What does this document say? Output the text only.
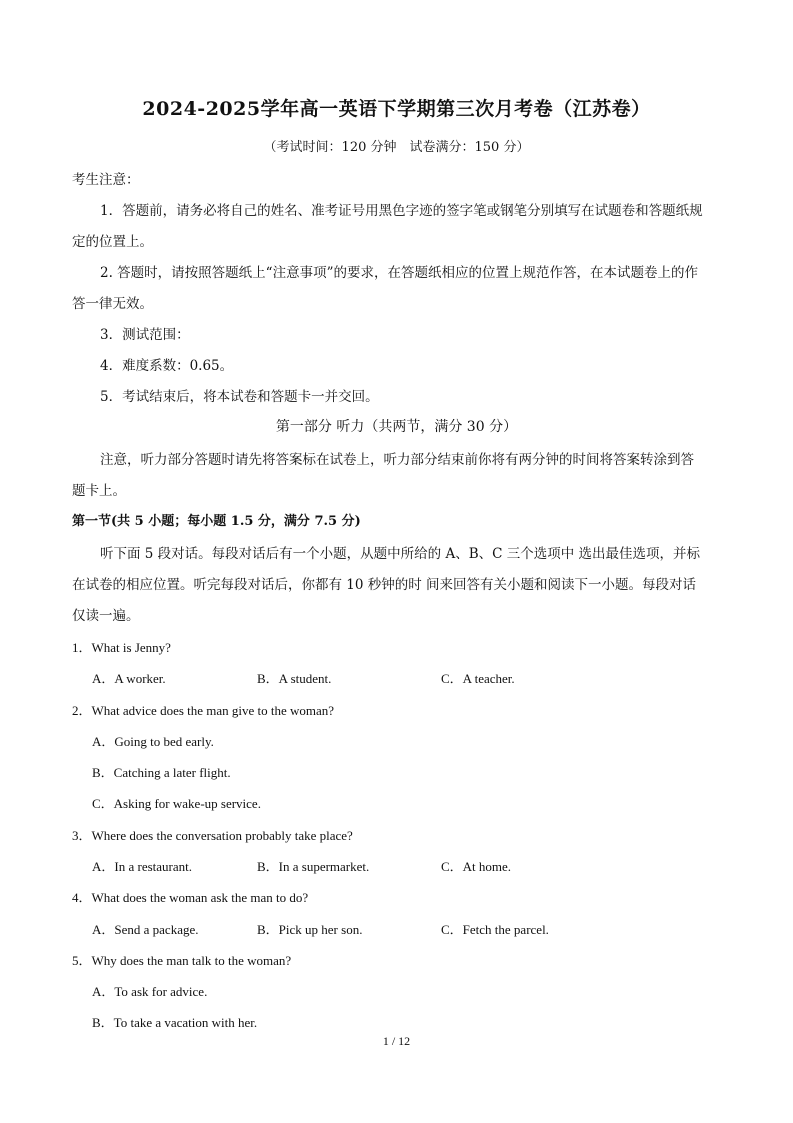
2024-2025学年高一英语下学期第三次月考卷（江苏卷）
（考试时间：120 分钟　试卷满分：150 分）
考生注意：
1．答题前，请务必将自己的姓名、准考证号用黑色字迹的签字笔或钢笔分别填写在试题卷和答题纸规
定的位置上。
2. 答题时，请按照答题纸上“注意事项”的要求，在答题纸相应的位置上规范作答，在本试题卷上的作
答一律无效。
3．测试范围：
4．难度系数：0.65。
5．考试结束后，将本试卷和答题卡一并交回。
第一部分 听力（共两节，满分 30 分）
注意，听力部分答题时请先将答案标在试卷上，听力部分结束前你将有两分钟的时间将答案转涂到答
题卡上。
第一节(共 5 小题；每小题 1.5 分，满分 7.5 分)
听下面 5 段对话。每段对话后有一个小题，从题中所给的 A、B、C 三个选项中 选出最佳选项，并标
在试卷的相应位置。听完每段对话后，你都有 10 秒钟的时 间来回答有关小题和阅读下一小题。每段对话
仅读一遍。
1．What is Jenny?
A．A worker.	B．A student.	C．A teacher.
2．What advice does the man give to the woman?
A．Going to bed early.
B．Catching a later flight.
C．Asking for wake-up service.
3．Where does the conversation probably take place?
A．In a restaurant.	B．In a supermarket.	C．At home.
4．What does the woman ask the man to do?
A．Send a package.	B．Pick up her son.	C．Fetch the parcel.
5．Why does the man talk to the woman?
A．To ask for advice.
B．To take a vacation with her.
1 / 12
